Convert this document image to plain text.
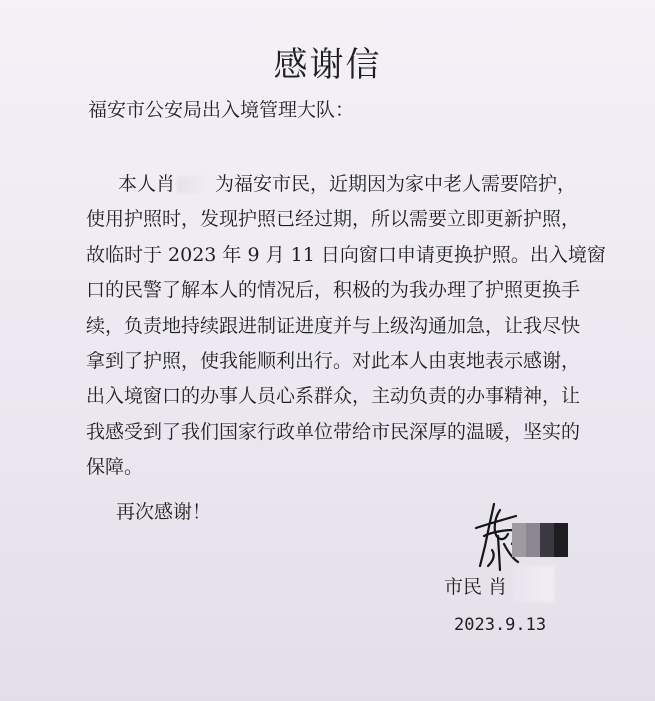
感谢信
福安市公安局出入境管理大队：
本人肖 为福安市民，近期因为家中老人需要陪护，
使用护照时，发现护照已经过期，所以需要立即更新护照，
故临时于 2023 年 9 月 11 日向窗口申请更换护照。出入境窗
口的民警了解本人的情况后，积极的为我办理了护照更换手
续，负责地持续跟进制证进度并与上级沟通加急，让我尽快
拿到了护照，使我能顺利出行。对此本人由衷地表示感谢，
出入境窗口的办事人员心系群众，主动负责的办事精神，让
我感受到了我们国家行政单位带给市民深厚的温暖，坚实的
保障。
再次感谢！
市民 肖
2023.9.13
